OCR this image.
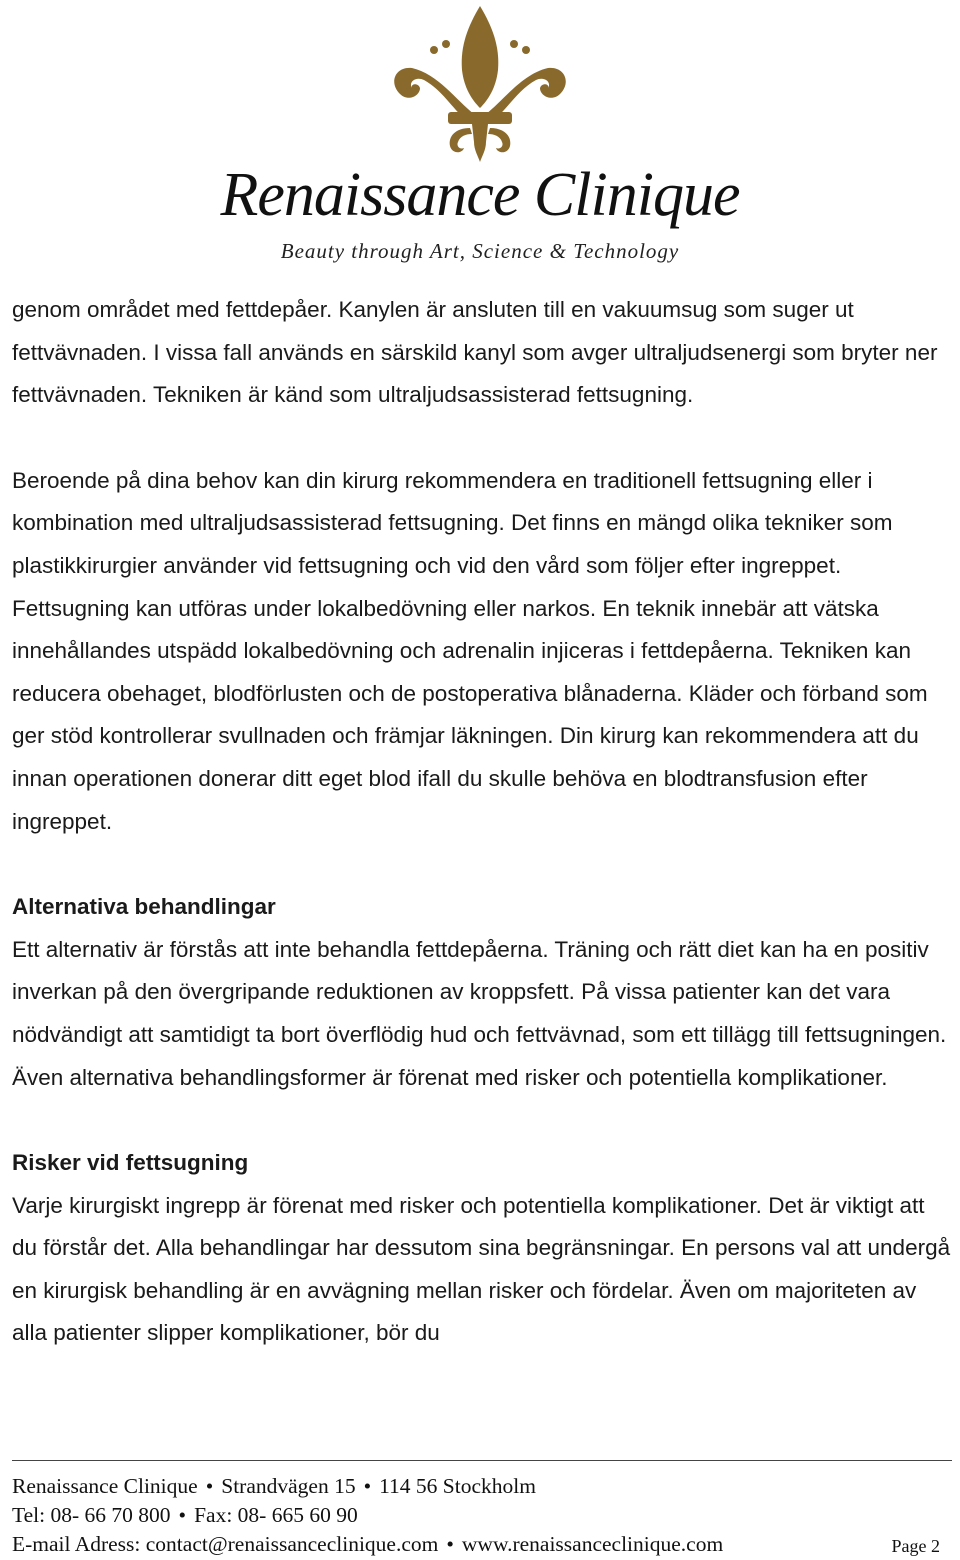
Renaissance Clinique
Beauty through Art, Science & Technology

genom området med fettdepåer. Kanylen är ansluten till en vakuumsug som suger ut fettvävnaden. I vissa fall används en särskild kanyl som avger ultraljudsenergi som bryter ner fettvävnaden. Tekniken är känd som ultraljudsassisterad fettsugning.

Beroende på dina behov kan din kirurg rekommendera en traditionell fettsugning eller i kombination med ultraljudsassisterad fettsugning. Det finns en mängd olika tekniker som plastikkirurgier använder vid fettsugning och vid den vård som följer efter ingreppet. Fettsugning kan utföras under lokalbedövning eller narkos. En teknik innebär att vätska innehållandes utspädd lokalbedövning och adrenalin injiceras i fettdepåerna. Tekniken kan reducera obehaget, blodförlusten och de postoperativa blånaderna. Kläder och förband som ger stöd kontrollerar svullnaden och främjar läkningen. Din kirurg kan rekommendera att du innan operationen donerar ditt eget blod ifall du skulle behöva en blodtransfusion efter ingreppet.

Alternativa behandlingar

Ett alternativ är förstås att inte behandla fettdepåerna. Träning och rätt diet kan ha en positiv inverkan på den övergripande reduktionen av kroppsfett. På vissa patienter kan det vara nödvändigt att samtidigt ta bort överflödig hud och fettvävnad, som ett tillägg till fettsugningen. Även alternativa behandlingsformer är förenat med risker och potentiella komplikationer.

Risker vid fettsugning

Varje kirurgiskt ingrepp är förenat med risker och potentiella komplikationer. Det är viktigt att du förstår det. Alla behandlingar har dessutom sina begränsningar. En persons val att undergå en kirurgisk behandling är en avvägning mellan risker och fördelar. Även om majoriteten av alla patienter slipper komplikationer, bör du

Renaissance Clinique • Strandvägen 15 • 114 56 Stockholm
Tel: 08- 66 70 800 • Fax: 08- 665 60 90
E-mail Adress: contact@renaissanceclinique.com • www.renaissanceclinique.com	Page 2
